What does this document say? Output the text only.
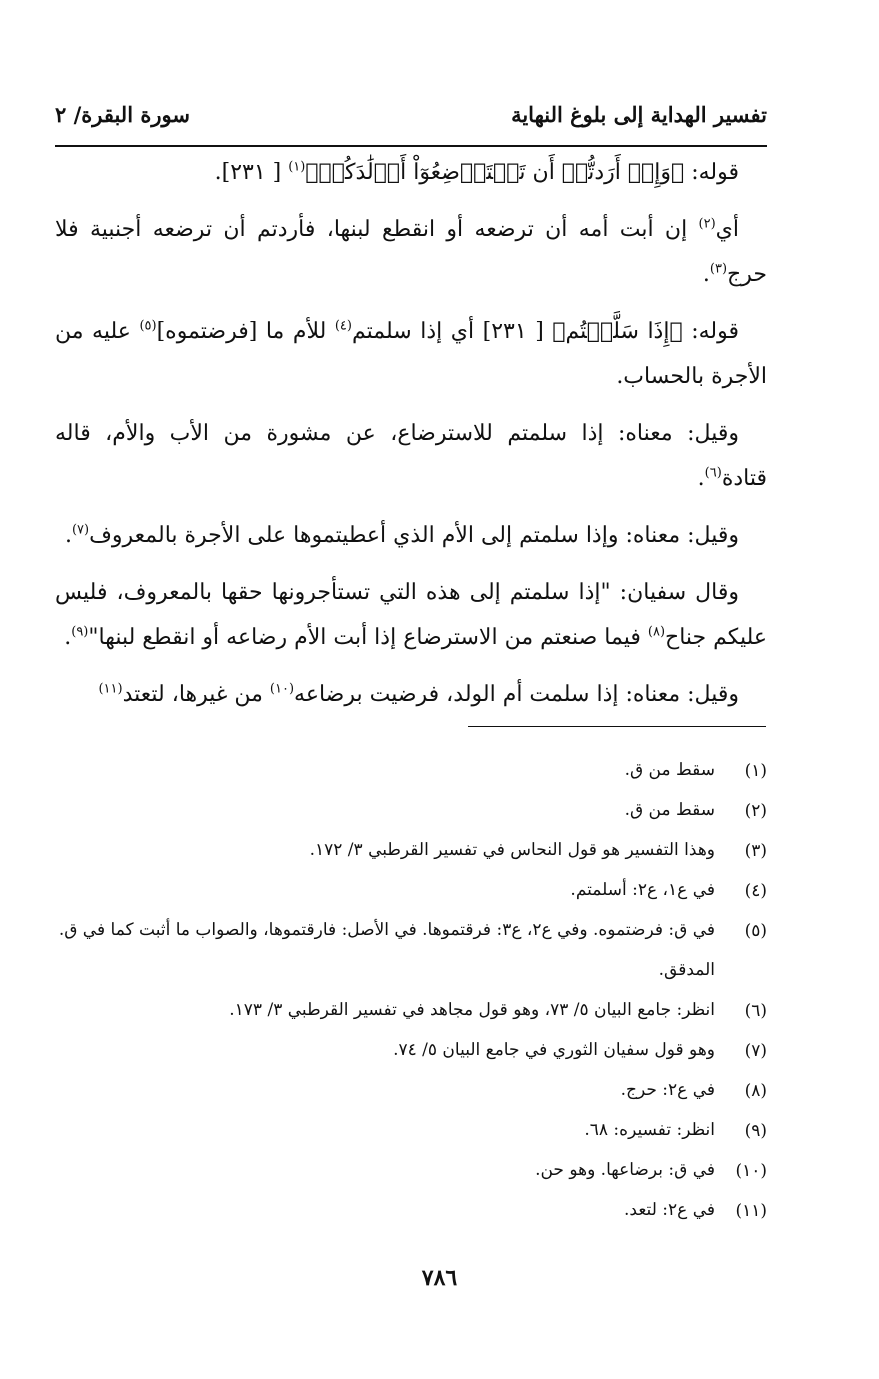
تفسير الهداية إلى بلوغ النهاية
سورة البقرة/ ٢

قوله: ﴿وَإِنۡ أَرَدتُّمۡ أَن تَسۡتَرۡضِعُوٓاْ أَوۡلَٰدَكُمۡ﴾$^{(١)}$ [ ٢٣١].

أي$^{(٢)}$ إن أبت أمه أن ترضعه أو انقطع لبنها، فأردتم أن ترضعه أجنبية فلا حرج$^{(٣)}$.

قوله: ﴿إِذَا سَلَّمۡتُم﴾ [ ٢٣١] أي إذا سلمتم$^{(٤)}$ للأم ما [فرضتموه]$^{(٥)}$ عليه من الأجرة بالحساب.

وقيل: معناه: إذا سلمتم للاسترضاع، عن مشورة من الأب والأم، قاله قتادة$^{(٦)}$.

وقيل: معناه: وإذا سلمتم إلى الأم الذي أعطيتموها على الأجرة بالمعروف$^{(٧)}$.

وقال سفيان: "إذا سلمتم إلى هذه التي تستأجرونها حقها بالمعروف، فليس عليكم جناح$^{(٨)}$ فيما صنعتم من الاسترضاع إذا أبت الأم رضاعه أو انقطع لبنها"$^{(٩)}$.

وقيل: معناه: إذا سلمت أم الولد، فرضيت برضاعه$^{(١٠)}$ من غيرها، لتعتد$^{(١١)}$

(١)
سقط من ق.
(٢)
سقط من ق.
(٣)
وهذا التفسير هو قول النحاس في تفسير القرطبي ٣/ ١٧٢.
(٤)
في ع١، ع٢: أسلمتم.
(٥)
في ق: فرضتموه. وفي ع٢، ع٣: فرقتموها. في الأصل: فارقتموها، والصواب ما أثبت كما في ق. المدقق.
(٦)
انظر: جامع البيان ٥/ ٧٣، وهو قول مجاهد في تفسير القرطبي ٣/ ١٧٣.
(٧)
وهو قول سفيان الثوري في جامع البيان ٥/ ٧٤.
(٨)
في ع٢: حرج.
(٩)
انظر: تفسيره: ٦٨.
(١٠)
في ق: برضاعها. وهو حن.
(١١)
في ع٢: لتعد.
٧٨٦
